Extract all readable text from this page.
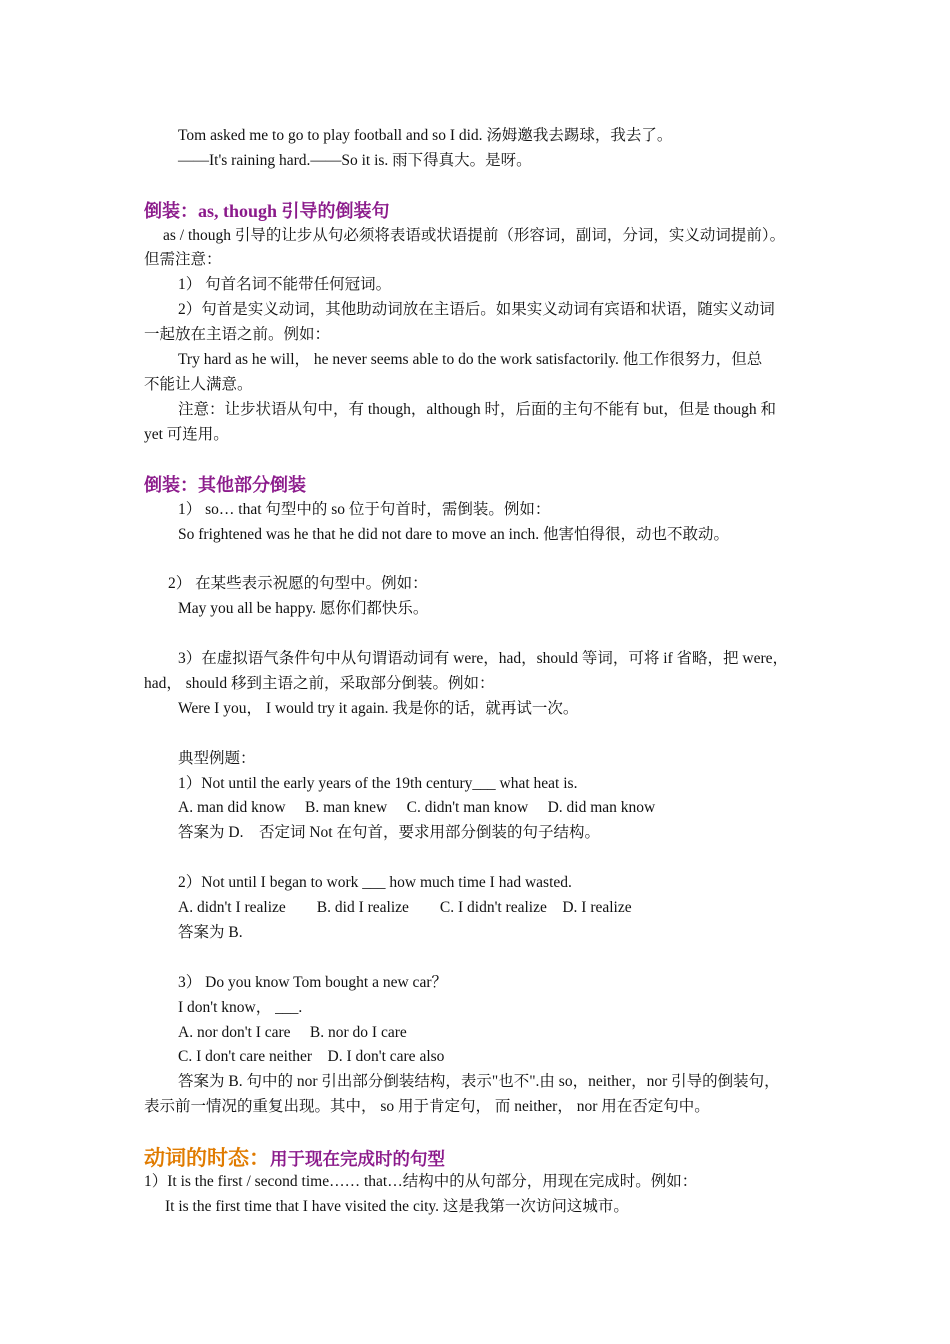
Tom asked me to go to play football and so I did. 汤姆邀我去踢球，我去了。
——It's raining hard.——So it is. 雨下得真大。是呀。
倒装：as, though 引导的倒装句
as / though 引导的让步从句必须将表语或状语提前（形容词，副词，分词，实义动词提前）。
但需注意：
1） 句首名词不能带任何冠词。
2）句首是实义动词，其他助动词放在主语后。如果实义动词有宾语和状语，随实义动词
一起放在主语之前。例如：
Try hard as he will， he never seems able to do the work satisfactorily. 他工作很努力，但总
不能让人满意。
注意：让步状语从句中，有 though，although 时，后面的主句不能有 but，但是 though 和
yet 可连用。
倒装：其他部分倒装
1） so… that 句型中的 so 位于句首时，需倒装。例如：
So frightened was he that he did not dare to move an inch. 他害怕得很，动也不敢动。
2） 在某些表示祝愿的句型中。例如：
May you all be happy. 愿你们都快乐。
3）在虚拟语气条件句中从句谓语动词有 were，had，should 等词，可将 if 省略，把 were，
had， should 移到主语之前，采取部分倒装。例如：
Were I you， I would try it again. 我是你的话，就再试一次。
典型例题：
1）Not until the early years of the 19th century___ what heat is.
A. man did know     B. man knew     C. didn't man know     D. did man know
答案为 D.    否定词 Not 在句首，要求用部分倒装的句子结构。
2）Not until I began to work ___ how much time I had wasted.
A. didn't I realize        B. did I realize        C. I didn't realize    D. I realize
答案为 B.
3） Do you know Tom bought a new car？
I don't know， ___.
A. nor don't I care     B. nor do I care
C. I don't care neither    D. I don't care also
答案为 B. 句中的 nor 引出部分倒装结构，表示"也不".由 so，neither，nor 引导的倒装句，
表示前一情况的重复出现。其中， so 用于肯定句， 而 neither， nor 用在否定句中。
动词的时态：用于现在完成时的句型
1）It is the first / second time…… that…结构中的从句部分，用现在完成时。例如：
It is the first time that I have visited the city. 这是我第一次访问这城市。
